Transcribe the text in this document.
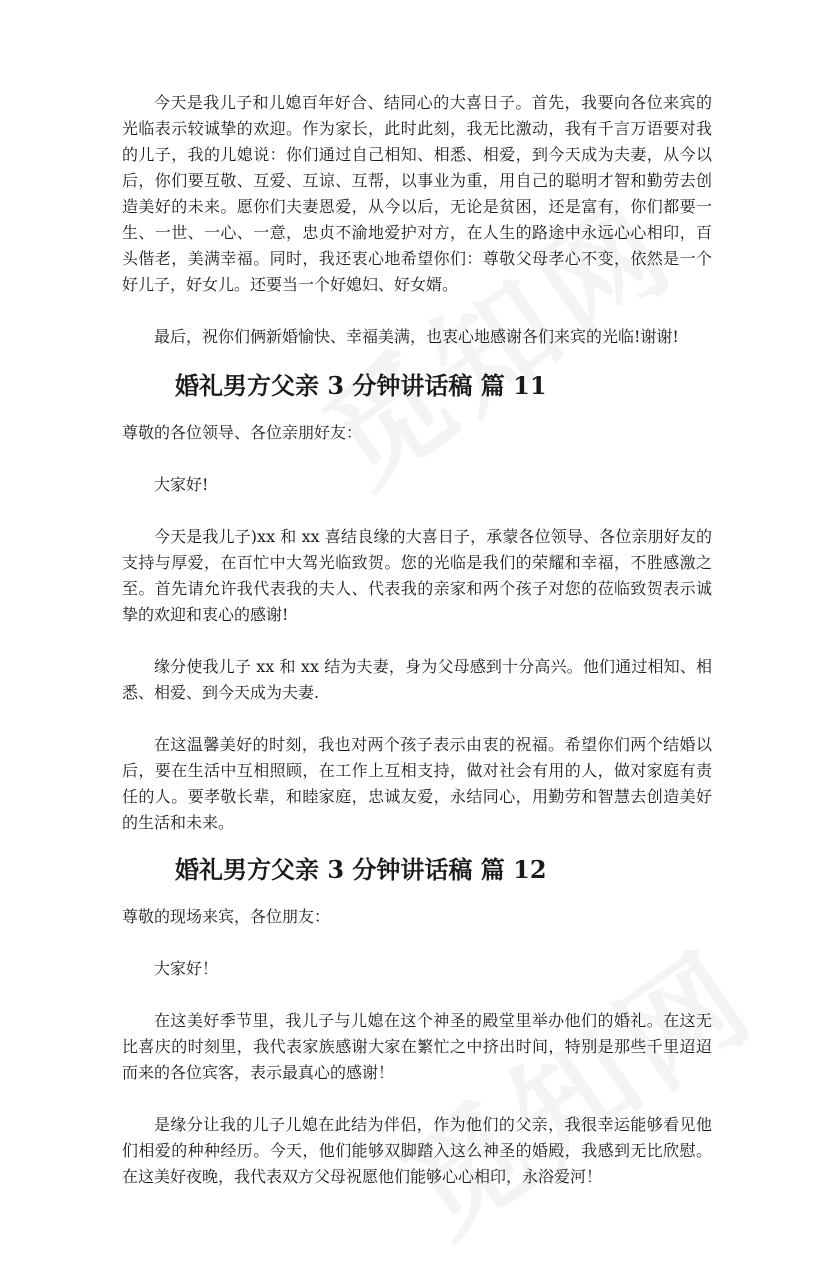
今天是我儿子和儿媳百年好合、结同心的大喜日子。首先，我要向各位来宾的光临表示较诚挚的欢迎。作为家长，此时此刻，我无比激动，我有千言万语要对我的儿子，我的儿媳说：你们通过自己相知、相悉、相爱，到今天成为夫妻，从今以后，你们要互敬、互爱、互谅、互帮，以事业为重，用自己的聪明才智和勤劳去创造美好的未来。愿你们夫妻恩爱，从今以后，无论是贫困，还是富有，你们都要一生、一世、一心、一意，忠贞不渝地爱护对方，在人生的路途中永远心心相印，百头偕老，美满幸福。同时，我还衷心地希望你们：尊敬父母孝心不变，依然是一个好儿子，好女儿。还要当一个好媳妇、好女婿。

最后，祝你们俩新婚愉快、幸福美满，也衷心地感谢各们来宾的光临!谢谢!

婚礼男方父亲 3 分钟讲话稿 篇 11

尊敬的各位领导、各位亲朋好友：

大家好!

今天是我儿子)xx 和 xx 喜结良缘的大喜日子，承蒙各位领导、各位亲朋好友的支持与厚爱，在百忙中大驾光临致贺。您的光临是我们的荣耀和幸福，不胜感激之至。首先请允许我代表我的夫人、代表我的亲家和两个孩子对您的莅临致贺表示诚挚的欢迎和衷心的感谢!

缘分使我儿子 xx 和 xx 结为夫妻，身为父母感到十分高兴。他们通过相知、相悉、相爱、到今天成为夫妻.

在这温馨美好的时刻，我也对两个孩子表示由衷的祝福。希望你们两个结婚以后，要在生活中互相照顾，在工作上互相支持，做对社会有用的人，做对家庭有责任的人。要孝敬长辈，和睦家庭，忠诚友爱，永结同心，用勤劳和智慧去创造美好的生活和未来。

婚礼男方父亲 3 分钟讲话稿 篇 12

尊敬的现场来宾，各位朋友：

大家好！

在这美好季节里，我儿子与儿媳在这个神圣的殿堂里举办他们的婚礼。在这无比喜庆的时刻里，我代表家族感谢大家在繁忙之中挤出时间，特别是那些千里迢迢而来的各位宾客，表示最真心的感谢！

是缘分让我的儿子儿媳在此结为伴侣，作为他们的父亲，我很幸运能够看见他们相爱的种种经历。今天，他们能够双脚踏入这么神圣的婚殿，我感到无比欣慰。在这美好夜晚，我代表双方父母祝愿他们能够心心相印，永浴爱河！
